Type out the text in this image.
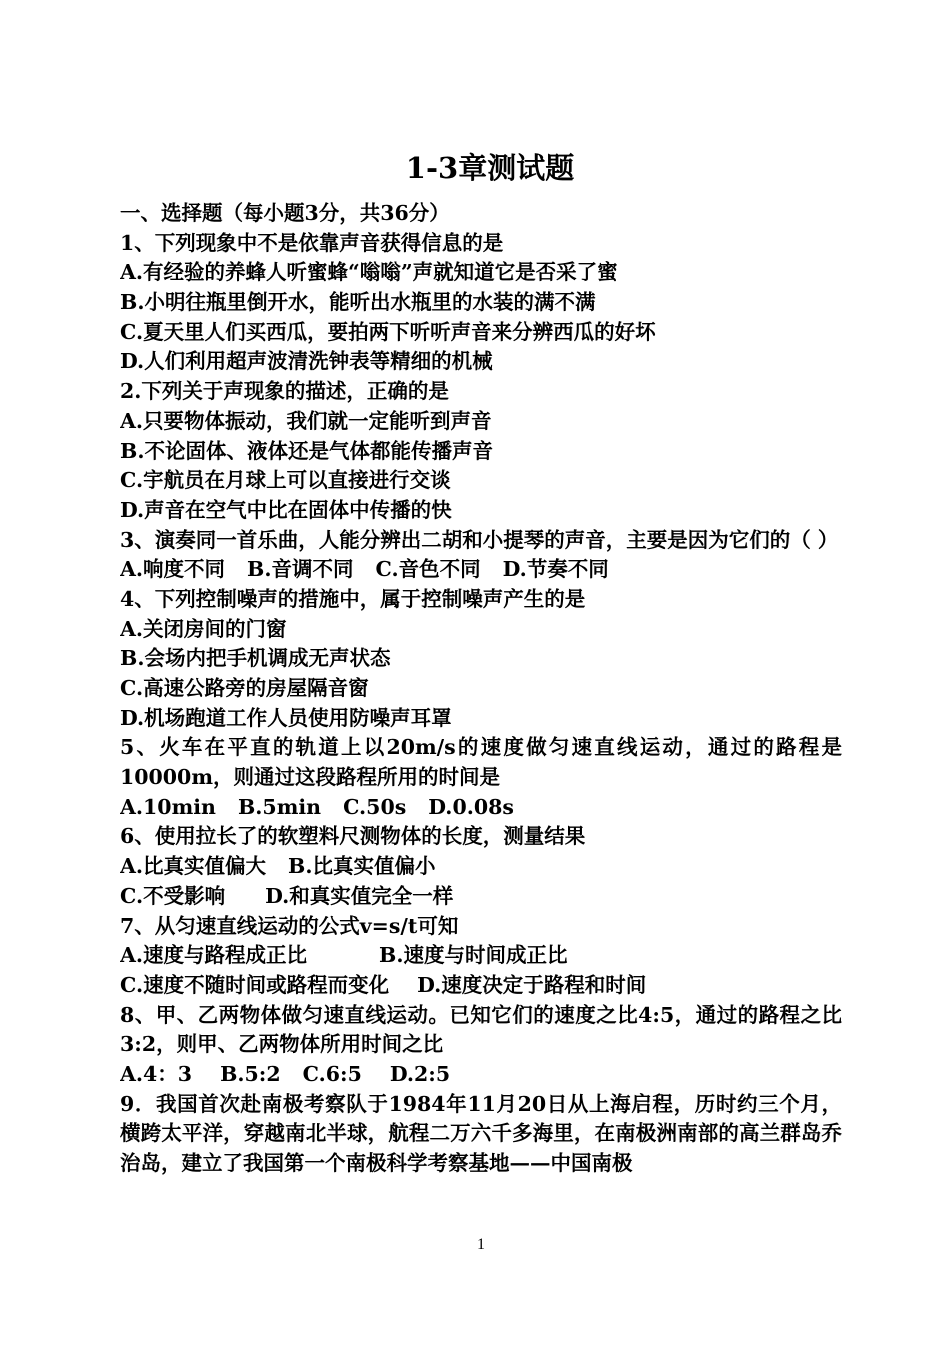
1-3章测试题
一、选择题（每小题3分，共36分）
1、下列现象中不是依靠声音获得信息的是
A.有经验的养蜂人听蜜蜂“嗡嗡”声就知道它是否采了蜜
B.小明往瓶里倒开水，能听出水瓶里的水装的满不满
C.夏天里人们买西瓜，要拍两下听听声音来分辨西瓜的好坏
D.人们利用超声波清洗钟表等精细的机械
2.下列关于声现象的描述，正确的是
A.只要物体振动，我们就一定能听到声音
B.不论固体、液体还是气体都能传播声音
C.宇航员在月球上可以直接进行交谈
D.声音在空气中比在固体中传播的快
3、演奏同一首乐曲，人能分辨出二胡和小提琴的声音，主要是因为它们的（ ）
A.响度不同 B.音调不同 C.音色不同 D.节奏不同
4、下列控制噪声的措施中，属于控制噪声产生的是
A.关闭房间的门窗
B.会场内把手机调成无声状态
C.高速公路旁的房屋隔音窗
D.机场跑道工作人员使用防噪声耳罩
5、火车在平直的轨道上以20m/s的速度做匀速直线运动，通过的路程是10000m，则通过这段路程所用的时间是
A.10min B.5min C.50s D.0.08s
6、使用拉长了的软塑料尺测物体的长度，测量结果
A.比真实值偏大 B.比真实值偏小
C.不受影响 D.和真实值完全一样
7、从匀速直线运动的公式v=s/t可知
A.速度与路程成正比	B.速度与时间成正比
C.速度不随时间或路程而变化 D.速度决定于路程和时间
8、甲、乙两物体做匀速直线运动。已知它们的速度之比4:5，通过的路程之比3:2，则甲、乙两物体所用时间之比
A.4：3 B.5:2 C.6:5 D.2:5
9．我国首次赴南极考察队于1984年11月20日从上海启程，历时约三个月，横跨太平洋，穿越南北半球，航程二万六千多海里，在南极洲南部的高兰群岛乔治岛，建立了我国第一个南极科学考察基地——中国南极
1
